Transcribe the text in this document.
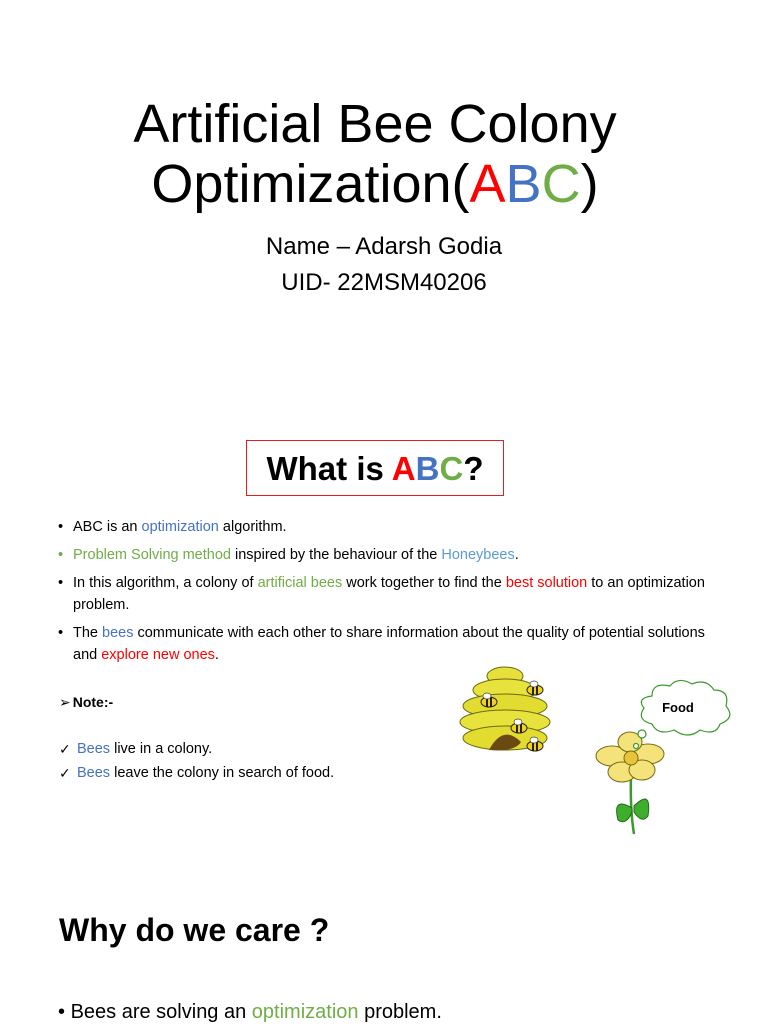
Artificial Bee Colony
Optimization(ABC)
Name – Adarsh Godia
UID- 22MSM40206
What is ABC?
• ABC is an optimization algorithm.
• Problem Solving method inspired by the behaviour of the Honeybees.
• In this algorithm, a colony of artificial bees work together to find the best solution to an optimization problem.
• The bees communicate with each other to share information about the quality of potential solutions and explore new ones.
➢ Note:-
✓ Bees live in a colony.
✓ Bees leave the colony in search of food.
Food
Why do we care ?
• Bees are solving an optimization problem.
